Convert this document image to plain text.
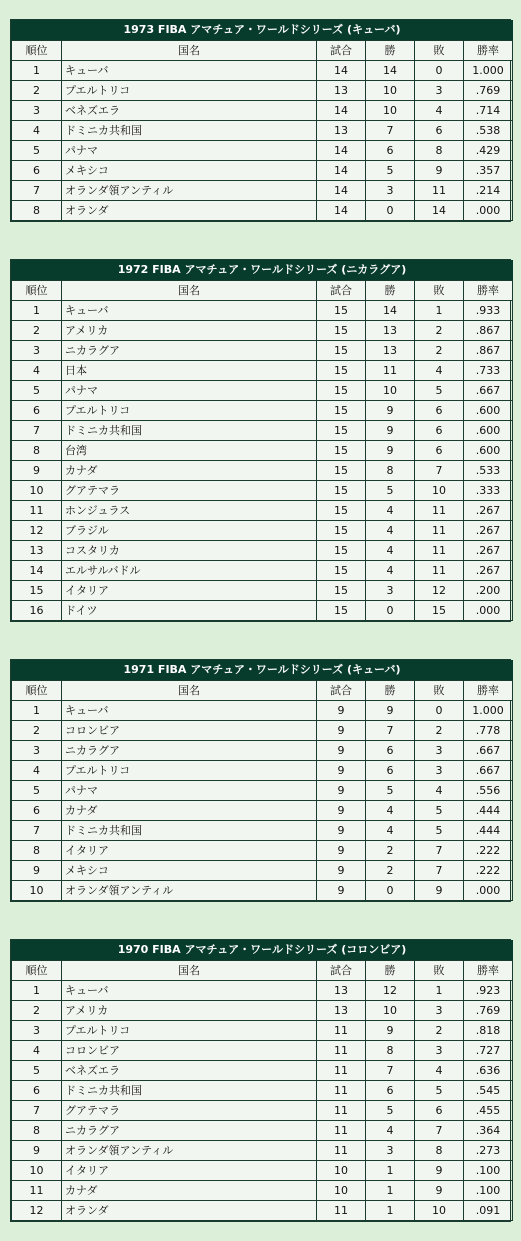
1973 FIBA アマチュア・ワールドシリーズ (キューバ)
順位	国名	試合	勝	敗	勝率
1	キューバ	14	14	0	1.000
2	プエルトリコ	13	10	3	.769
3	ベネズエラ	14	10	4	.714
4	ドミニカ共和国	13	7	6	.538
5	パナマ	14	6	8	.429
6	メキシコ	14	5	9	.357
7	オランダ領アンティル	14	3	11	.214
8	オランダ	14	0	14	.000
1972 FIBA アマチュア・ワールドシリーズ (ニカラグア)
順位	国名	試合	勝	敗	勝率
1	キューバ	15	14	1	.933
2	アメリカ	15	13	2	.867
3	ニカラグア	15	13	2	.867
4	日本	15	11	4	.733
5	パナマ	15	10	5	.667
6	プエルトリコ	15	9	6	.600
7	ドミニカ共和国	15	9	6	.600
8	台湾	15	9	6	.600
9	カナダ	15	8	7	.533
10	グアテマラ	15	5	10	.333
11	ホンジュラス	15	4	11	.267
12	ブラジル	15	4	11	.267
13	コスタリカ	15	4	11	.267
14	エルサルバドル	15	4	11	.267
15	イタリア	15	3	12	.200
16	ドイツ	15	0	15	.000
1971 FIBA アマチュア・ワールドシリーズ (キューバ)
順位	国名	試合	勝	敗	勝率
1	キューバ	9	9	0	1.000
2	コロンビア	9	7	2	.778
3	ニカラグア	9	6	3	.667
4	プエルトリコ	9	6	3	.667
5	パナマ	9	5	4	.556
6	カナダ	9	4	5	.444
7	ドミニカ共和国	9	4	5	.444
8	イタリア	9	2	7	.222
9	メキシコ	9	2	7	.222
10	オランダ領アンティル	9	0	9	.000
1970 FIBA アマチュア・ワールドシリーズ (コロンビア)
順位	国名	試合	勝	敗	勝率
1	キューバ	13	12	1	.923
2	アメリカ	13	10	3	.769
3	プエルトリコ	11	9	2	.818
4	コロンビア	11	8	3	.727
5	ベネズエラ	11	7	4	.636
6	ドミニカ共和国	11	6	5	.545
7	グアテマラ	11	5	6	.455
8	ニカラグア	11	4	7	.364
9	オランダ領アンティル	11	3	8	.273
10	イタリア	10	1	9	.100
11	カナダ	10	1	9	.100
12	オランダ	11	1	10	.091
